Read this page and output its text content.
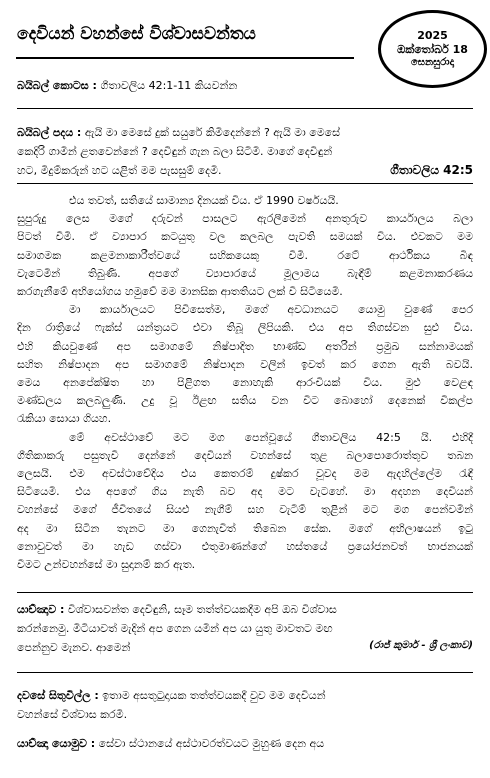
දෙවියන් වහන්සේ විශ්වාසවන්තය	2025
ඔක්තෝබර් 18
සෙනසුරාදා
බයිබල් කොටස : ගීතාවලිය 42:1-11 කියවන්න
බයිබල් පදය : ඇයි මා මෙසේ දුක් සයුරේ කිමිදෙන්නේ ? ඇයි මා මෙසේ
කෙදිරි ගාමින් ළතවෙන්නේ ? දෙවිඳුන් ගැන බලා සිටිමි. මාගේ දෙවිඳුන්
හට, මිදුම්කරුන් හට යළිත් මම පැසසුම් දෙමි.	ගීතාවලිය 42:5
එය තවත්, සතියේ සාමාන්‍ය දිනයක් විය. ඒ 1990 වර්ෂයයි.
සුපුරුදු ලෙස මගේ දරුවන් පාසලට ඇරලීමෙන් අනතුරුව කාර්යාලය බලා
පිටත් වීමි. ඒ ව්‍යාපාර කටයුතු වල කලබල පැවති සමයක් විය. එවකට මම
සමාගමක කළමනාකාරීත්වයේ සහිකයෙකු වීමි. රටේ ආර්ථිකය බිඳ
වැටෙමින් තිබුණි. අපගේ ව්‍යාපාරයේ මූලාමය බැඳීම් කළමනාකරණය
කරගැනීමේ අභියෝගය හමුවේ මම මානසික ආතතියට ලක් වී සිටියෙමි.
මා කාර්යාලයට පිවිසෙත්ම, මගේ අවධානයට යොමු වුණේ පෙර
දින රාත්‍රියේ ෆැක්ස් යන්ත්‍රයට එවා තිබූ ලිපියකි. එය අප තිගස්වන සුළු විය.
එහි කියවුණේ අප සමාගමේ නිෂ්පාදිත භාණ්ඩ අතරින් ප්‍රමුඛ සන්නාමයක්
සහිත නිෂ්පාදන අප සමාගමේ නිෂ්පාදන වලින් ඉවත් කර ගෙන ඇති බවයි.
මෙය අනපේක්ෂිත හා පිළිගත නොහැකි ආරංචියක් විය. මුළු වෙළඳ
මණ්ඩලය කලබලුණි. උදු වූ ඊළඟ සතිය වන විට බොහෝ දෙනෙක් විකල්ප
රැකියා සොයා ගියහ.
මේ අවස්ථාවේ මට මග පෙන්වූයේ ගීතාවලිය 42:5 යි. එහිදී
ගීතිකාකරු පසුතැවී දෙන්නේ දෙවියන් වහන්සේ තුළ බලාපොරොත්තුව තබන
ලෙසයි. එම අවස්ථාවේදිය එය කෙතරම් දුෂ්කර වූවද මම ඇදහිල්ලේම රැඳී
සිටියෙමි. එය අපගේ ගිය නැති බව අද මට වැටහේ. මා අදහන දෙවියන්
වහන්සේ මගේ ජීවිතයේ සියළු නැගීම් සහ වැටීම් තුළින් මට මග පෙන්වමින්
අද මා සිටින තැනට මා ගෙනැවිත් තිබෙන සේක. මගේ අභිලාෂයන් ඉටු
නොවුවත් මා හැඩ ගස්වා එතුමාණන්ගේ හස්තයේ ප්‍රයෝජනවත් භාජනයක්
වීමට උන්වහන්සේ මා සුදානම් කර ඇත.
යාච්ඤාව : විශ්වාසවන්ත දෙවිඳුනි, සෑම තත්ත්වයකදීම අපි ඔබ විශ්වාස
කරන්නෙමු. මිටියාවත් මැදින් අප ගෙන යමින් අප යා යුතු මාවතට මඟ
පෙන්නුව මැනව. ආමෙන්	(රාජ් කුමාර් - ශ්‍රී ලංකාව)
දවසේ සිතුවිල්ල : ඉතාම අසතුටුදායක තත්ත්වයකදී වුව මම දෙවියන්
වහන්සේ විශ්වාස කරමි.
යාච්ඤා යොමුව : සේවා ස්ථානයේ අස්ථාවරත්වයට මුහුණ දෙන අය
